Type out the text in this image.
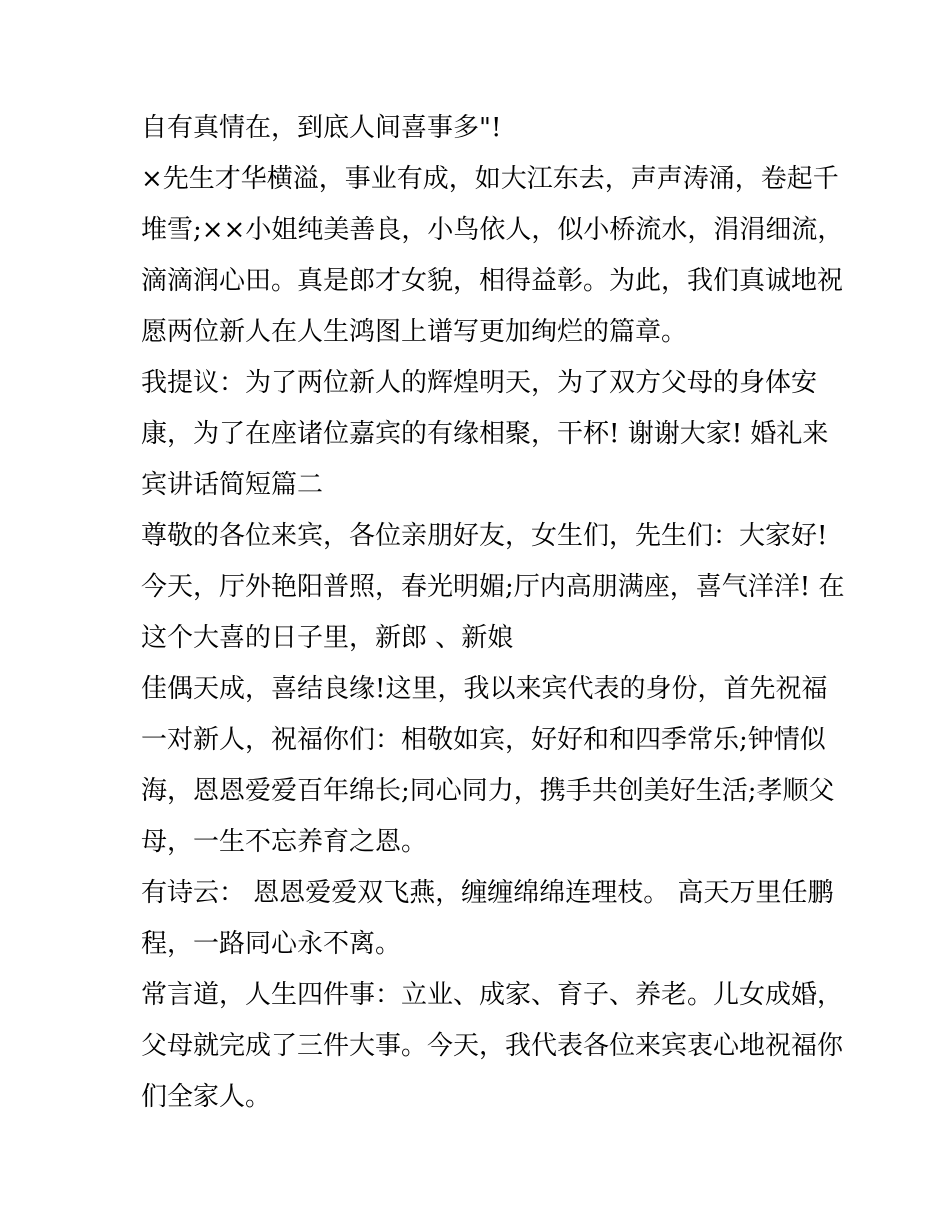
自有真情在，到底人间喜事多"!
×先生才华横溢，事业有成，如大江东去，声声涛涌，卷起千
堆雪;××小姐纯美善良，小鸟依人，似小桥流水，涓涓细流，
滴滴润心田。真是郎才女貌，相得益彰。为此，我们真诚地祝
愿两位新人在人生鸿图上谱写更加绚烂的篇章。
我提议：为了两位新人的辉煌明天，为了双方父母的身体安
康，为了在座诸位嘉宾的有缘相聚，干杯! 谢谢大家! 婚礼来
宾讲话简短篇二
尊敬的各位来宾，各位亲朋好友，女生们，先生们：大家好!
今天，厅外艳阳普照，春光明媚;厅内高朋满座，喜气洋洋! 在
这个大喜的日子里，新郎 、新娘
佳偶天成，喜结良缘!这里，我以来宾代表的身份，首先祝福
一对新人，祝福你们：相敬如宾，好好和和四季常乐;钟情似
海，恩恩爱爱百年绵长;同心同力，携手共创美好生活;孝顺父
母，一生不忘养育之恩。
有诗云： 恩恩爱爱双飞燕，缠缠绵绵连理枝。 高天万里任鹏
程，一路同心永不离。
常言道，人生四件事：立业、成家、育子、养老。儿女成婚，
父母就完成了三件大事。今天，我代表各位来宾衷心地祝福你
们全家人。
